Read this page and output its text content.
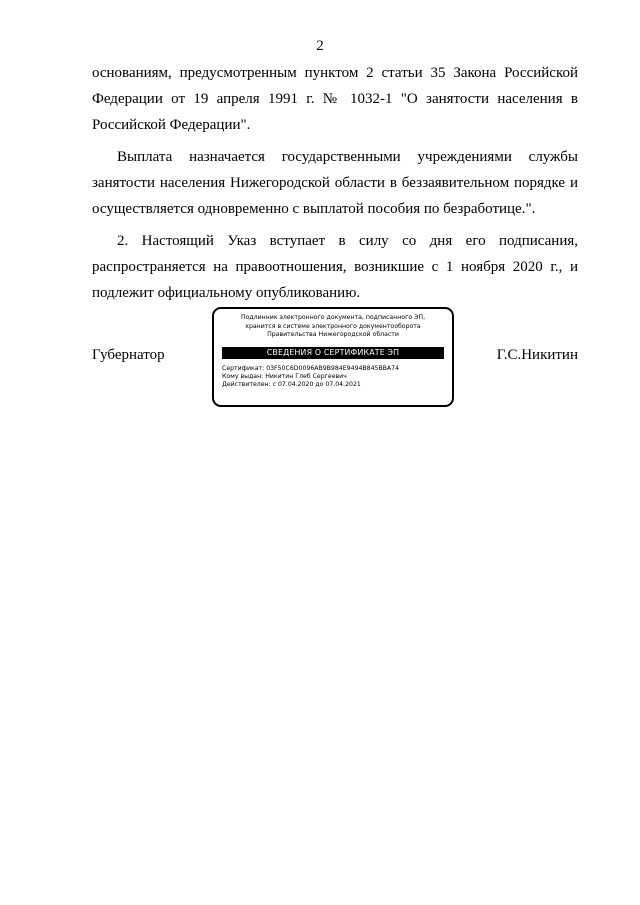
2

основаниям, предусмотренным пунктом 2 статьи 35 Закона Российской Федерации от 19 апреля 1991 г. № 1032-1 "О занятости населения в Российской Федерации".

Выплата назначается государственными учреждениями службы занятости населения Нижегородской области в беззаявительном порядке и осуществляется одновременно с выплатой пособия по безработице.".

2. Настоящий Указ вступает в силу со дня его подписания, распространяется на правоотношения, возникшие с 1 ноября 2020 г., и подлежит официальному опубликованию.

Губернатор
Подлинник электронного документа, подписанного ЭП,
хранится в системе электронного документооборота
Правительства Нижегородской области
СВЕДЕНИЯ О СЕРТИФИКАТЕ ЭП
Сертификат: 03F50C6D0096AB9B984E9494B845BBA74
Кому выдан: Никитин Глеб Сергеевич
Действителен: с 07.04.2020 до 07.04.2021
Г.С.Никитин
